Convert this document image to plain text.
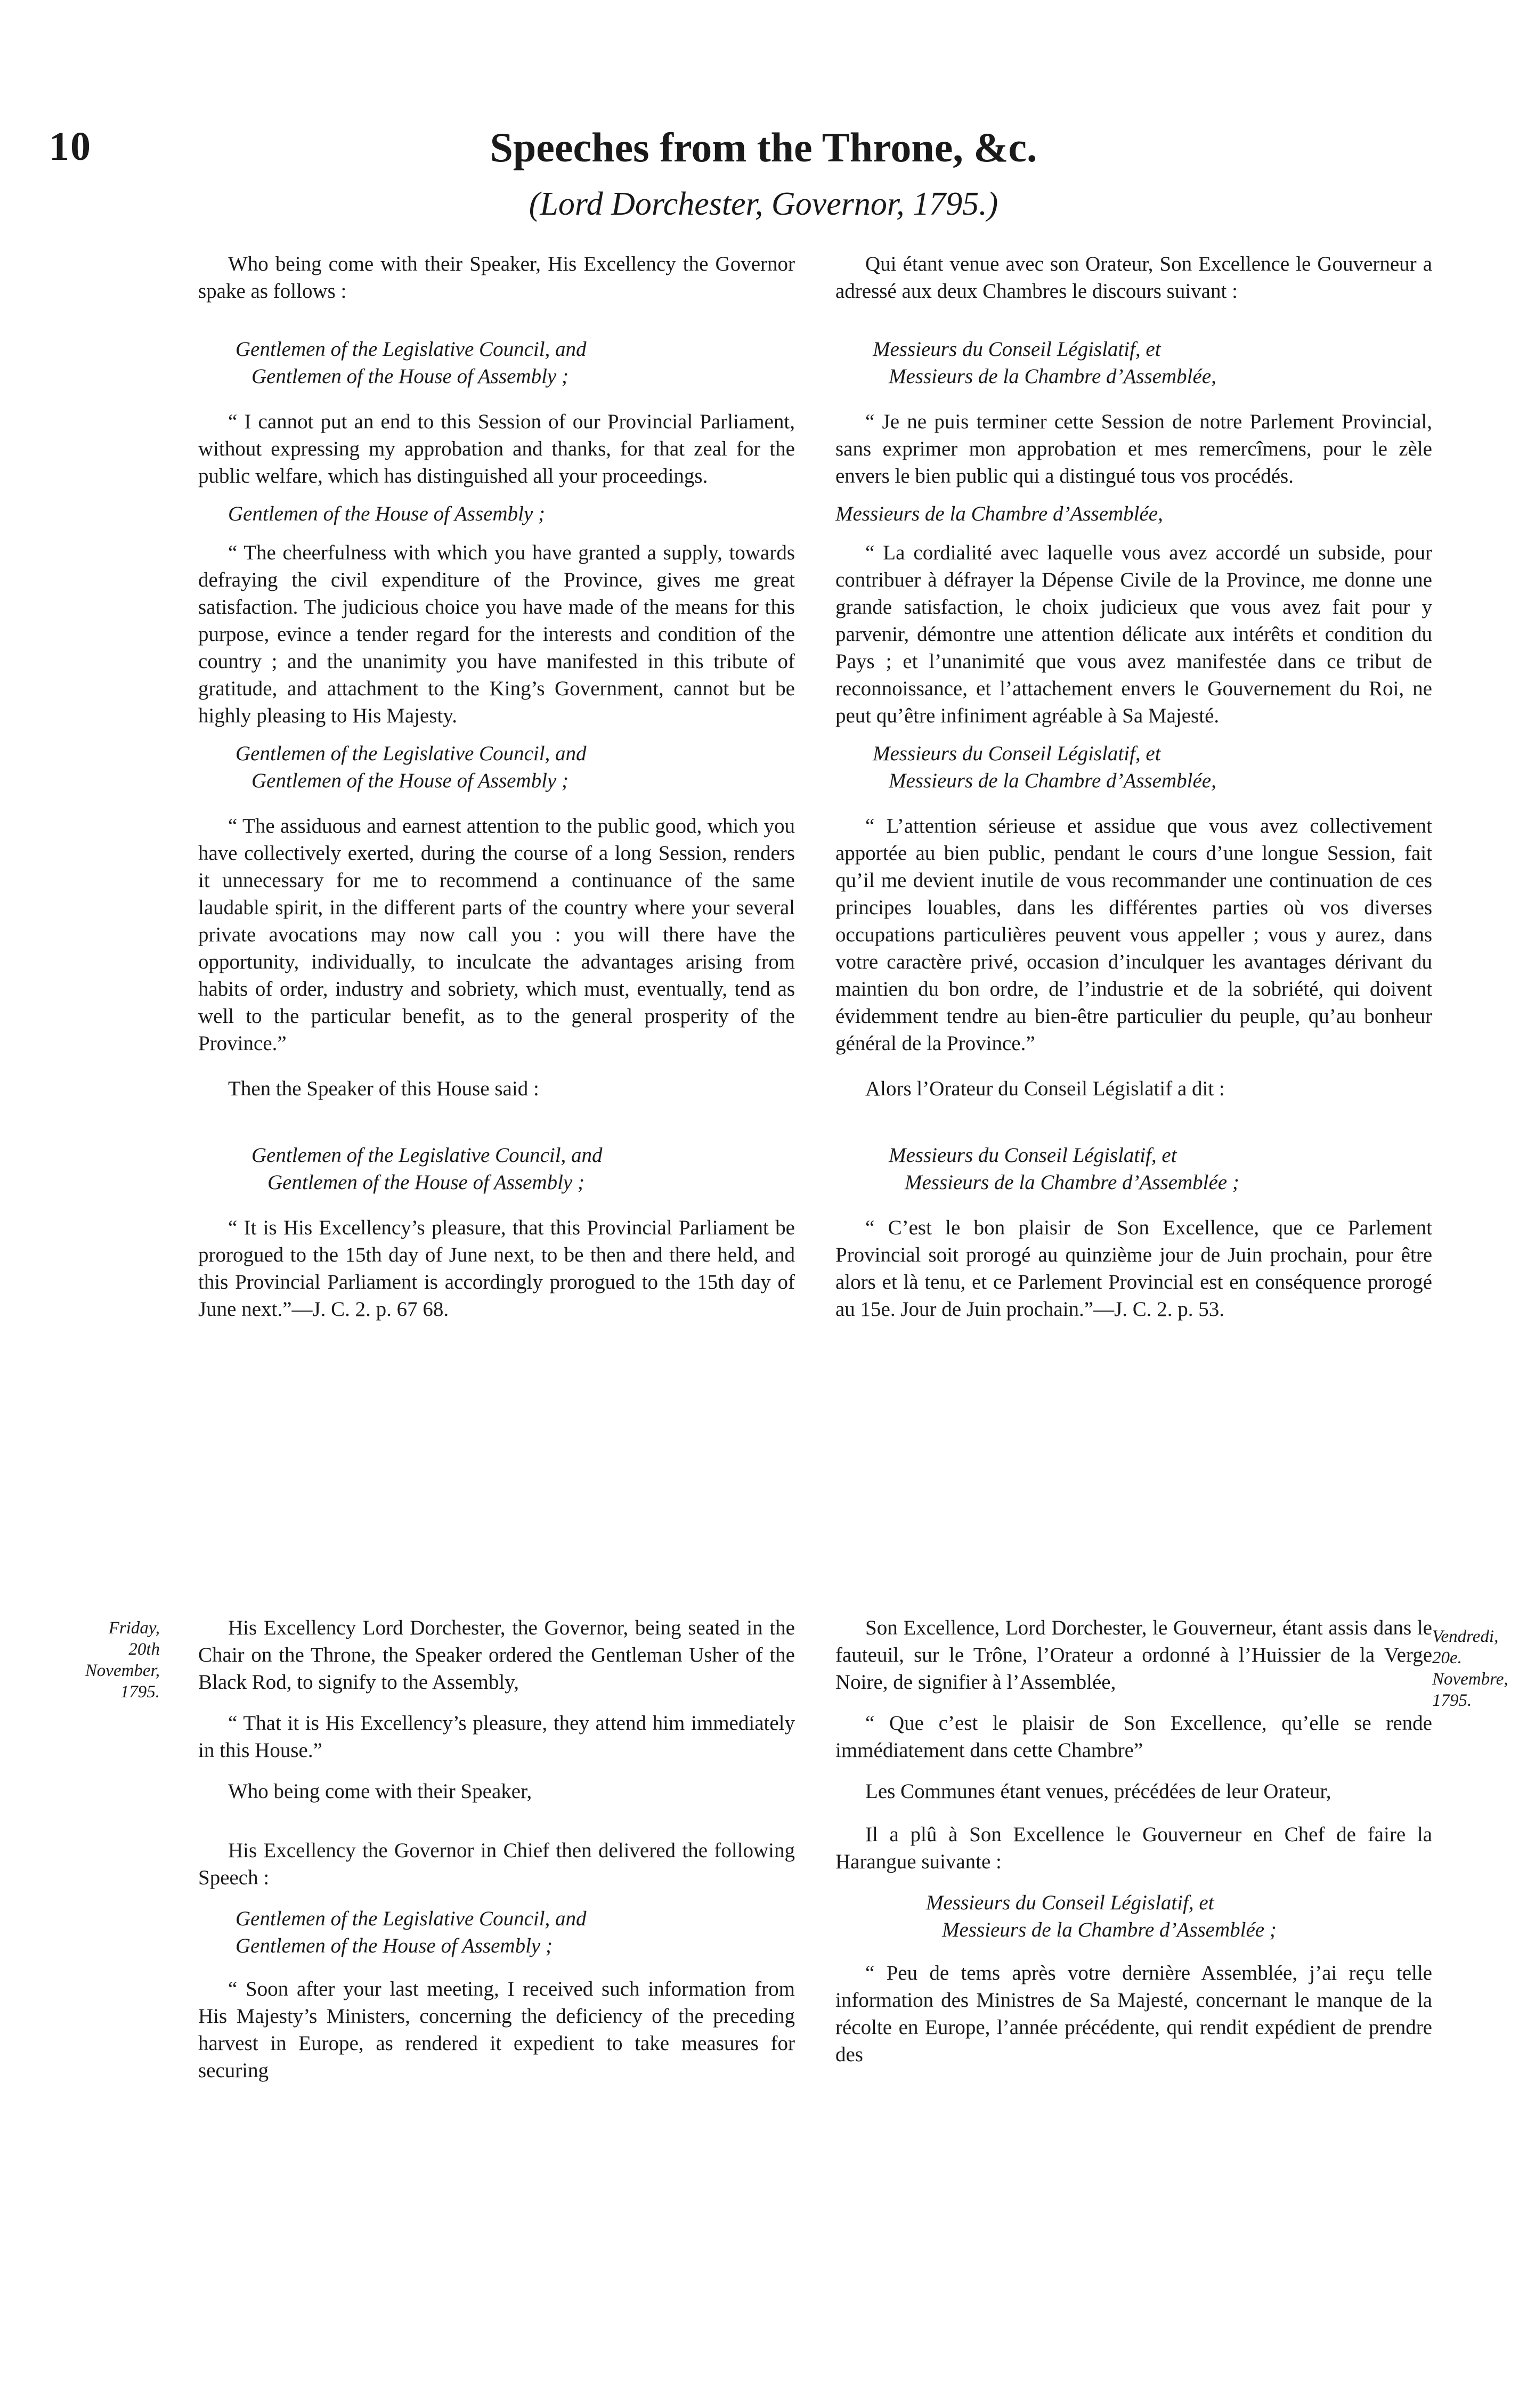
10	Speeches from the Throne, &c.
(Lord Dorchester, Governor, 1795.)

Who being come with their Speaker, His Excellency the Governor spake as follows :

Gentlemen of the Legislative Council, and

Gentlemen of the House of Assembly ;

“ I cannot put an end to this Session of our Provincial Parliament, without expressing my approbation and thanks, for that zeal for the public welfare, which has distinguished all your proceedings.

Gentlemen of the House of Assembly ;

“ The cheerfulness with which you have granted a supply, towards defraying the civil expenditure of the Province, gives me great satisfaction. The judicious choice you have made of the means for this purpose, evince a tender regard for the interests and condition of the country ; and the unanimity you have manifested in this tribute of gratitude, and attachment to the King’s Government, cannot but be highly pleasing to His Majesty.

Gentlemen of the Legislative Council, and

Gentlemen of the House of Assembly ;

“ The assiduous and earnest attention to the public good, which you have collectively exerted, during the course of a long Session, renders it unnecessary for me to recommend a continuance of the same laudable spirit, in the different parts of the country where your several private avocations may now call you : you will there have the opportunity, individually, to inculcate the advantages arising from habits of order, industry and sobriety, which must, eventually, tend as well to the particular benefit, as to the general prosperity of the Province.”

Then the Speaker of this House said :

Gentlemen of the Legislative Council, and

Gentlemen of the House of Assembly ;

“ It is His Excellency’s pleasure, that this Provincial Parliament be prorogued to the 15th day of June next, to be then and there held, and this Provincial Parliament is accordingly prorogued to the 15th day of June next.”—J. C. 2. p. 67 68.

Qui étant venue avec son Orateur, Son Excellence le Gouverneur a adressé aux deux Chambres le discours suivant :

Messieurs du Conseil Législatif, et

Messieurs de la Chambre d’Assemblée,

“ Je ne puis terminer cette Session de notre Parlement Provincial, sans exprimer mon approbation et mes remercîmens, pour le zèle envers le bien public qui a distingué tous vos procédés.

Messieurs de la Chambre d’Assemblée,

“ La cordialité avec laquelle vous avez accordé un subside, pour contribuer à défrayer la Dépense Civile de la Province, me donne une grande satisfaction, le choix judicieux que vous avez fait pour y parvenir, démontre une attention délicate aux intérêts et condition du Pays ; et l’unanimité que vous avez manifestée dans ce tribut de reconnoissance, et l’attachement envers le Gouvernement du Roi, ne peut qu’être infiniment agréable à Sa Majesté.

Messieurs du Conseil Législatif, et

Messieurs de la Chambre d’Assemblée,

“ L’attention sérieuse et assidue que vous avez collectivement apportée au bien public, pendant le cours d’une longue Session, fait qu’il me devient inutile de vous recommander une continuation de ces principes louables, dans les différentes parties où vos diverses occupations particulières peuvent vous appeller ; vous y aurez, dans votre caractère privé, occasion d’inculquer les avantages dérivant du maintien du bon ordre, de l’industrie et de la sobriété, qui doivent évidemment tendre au bien-être particulier du peuple, qu’au bonheur général de la Province.”

Alors l’Orateur du Conseil Législatif a dit :

Messieurs du Conseil Législatif, et

Messieurs de la Chambre d’Assemblée ;

“ C’est le bon plaisir de Son Excellence, que ce Parlement Provincial soit prorogé au quinzième jour de Juin prochain, pour être alors et là tenu, et ce Parlement Provincial est en conséquence prorogé au 15e. Jour de Juin prochain.”—J. C. 2. p. 53.

Friday, 20th November, 1795.
Vendredi, 20e. Novembre, 1795.

His Excellency Lord Dorchester, the Governor, being seated in the Chair on the Throne, the Speaker ordered the Gentleman Usher of the Black Rod, to signify to the Assembly,

“ That it is His Excellency’s pleasure, they attend him immediately in this House.”

Who being come with their Speaker,

His Excellency the Governor in Chief then delivered the following Speech :

Gentlemen of the Legislative Council, and

Gentlemen of the House of Assembly ;

“ Soon after your last meeting, I received such information from His Majesty’s Ministers, concerning the deficiency of the preceding harvest in Europe, as rendered it expedient to take measures for securing

Son Excellence, Lord Dorchester, le Gouverneur, étant assis dans le fauteuil, sur le Trône, l’Orateur a ordonné à l’Huissier de la Verge Noire, de signifier à l’Assemblée,

“ Que c’est le plaisir de Son Excellence, qu’elle se rende immédiatement dans cette Chambre”

Les Communes étant venues, précédées de leur Orateur,

Il a plû à Son Excellence le Gouverneur en Chef de faire la Harangue suivante :

Messieurs du Conseil Législatif, et

Messieurs de la Chambre d’Assemblée ;

“ Peu de tems après votre dernière Assemblée, j’ai reçu telle information des Ministres de Sa Majesté, concernant le manque de la récolte en Europe, l’année précédente, qui rendit expédient de prendre des
